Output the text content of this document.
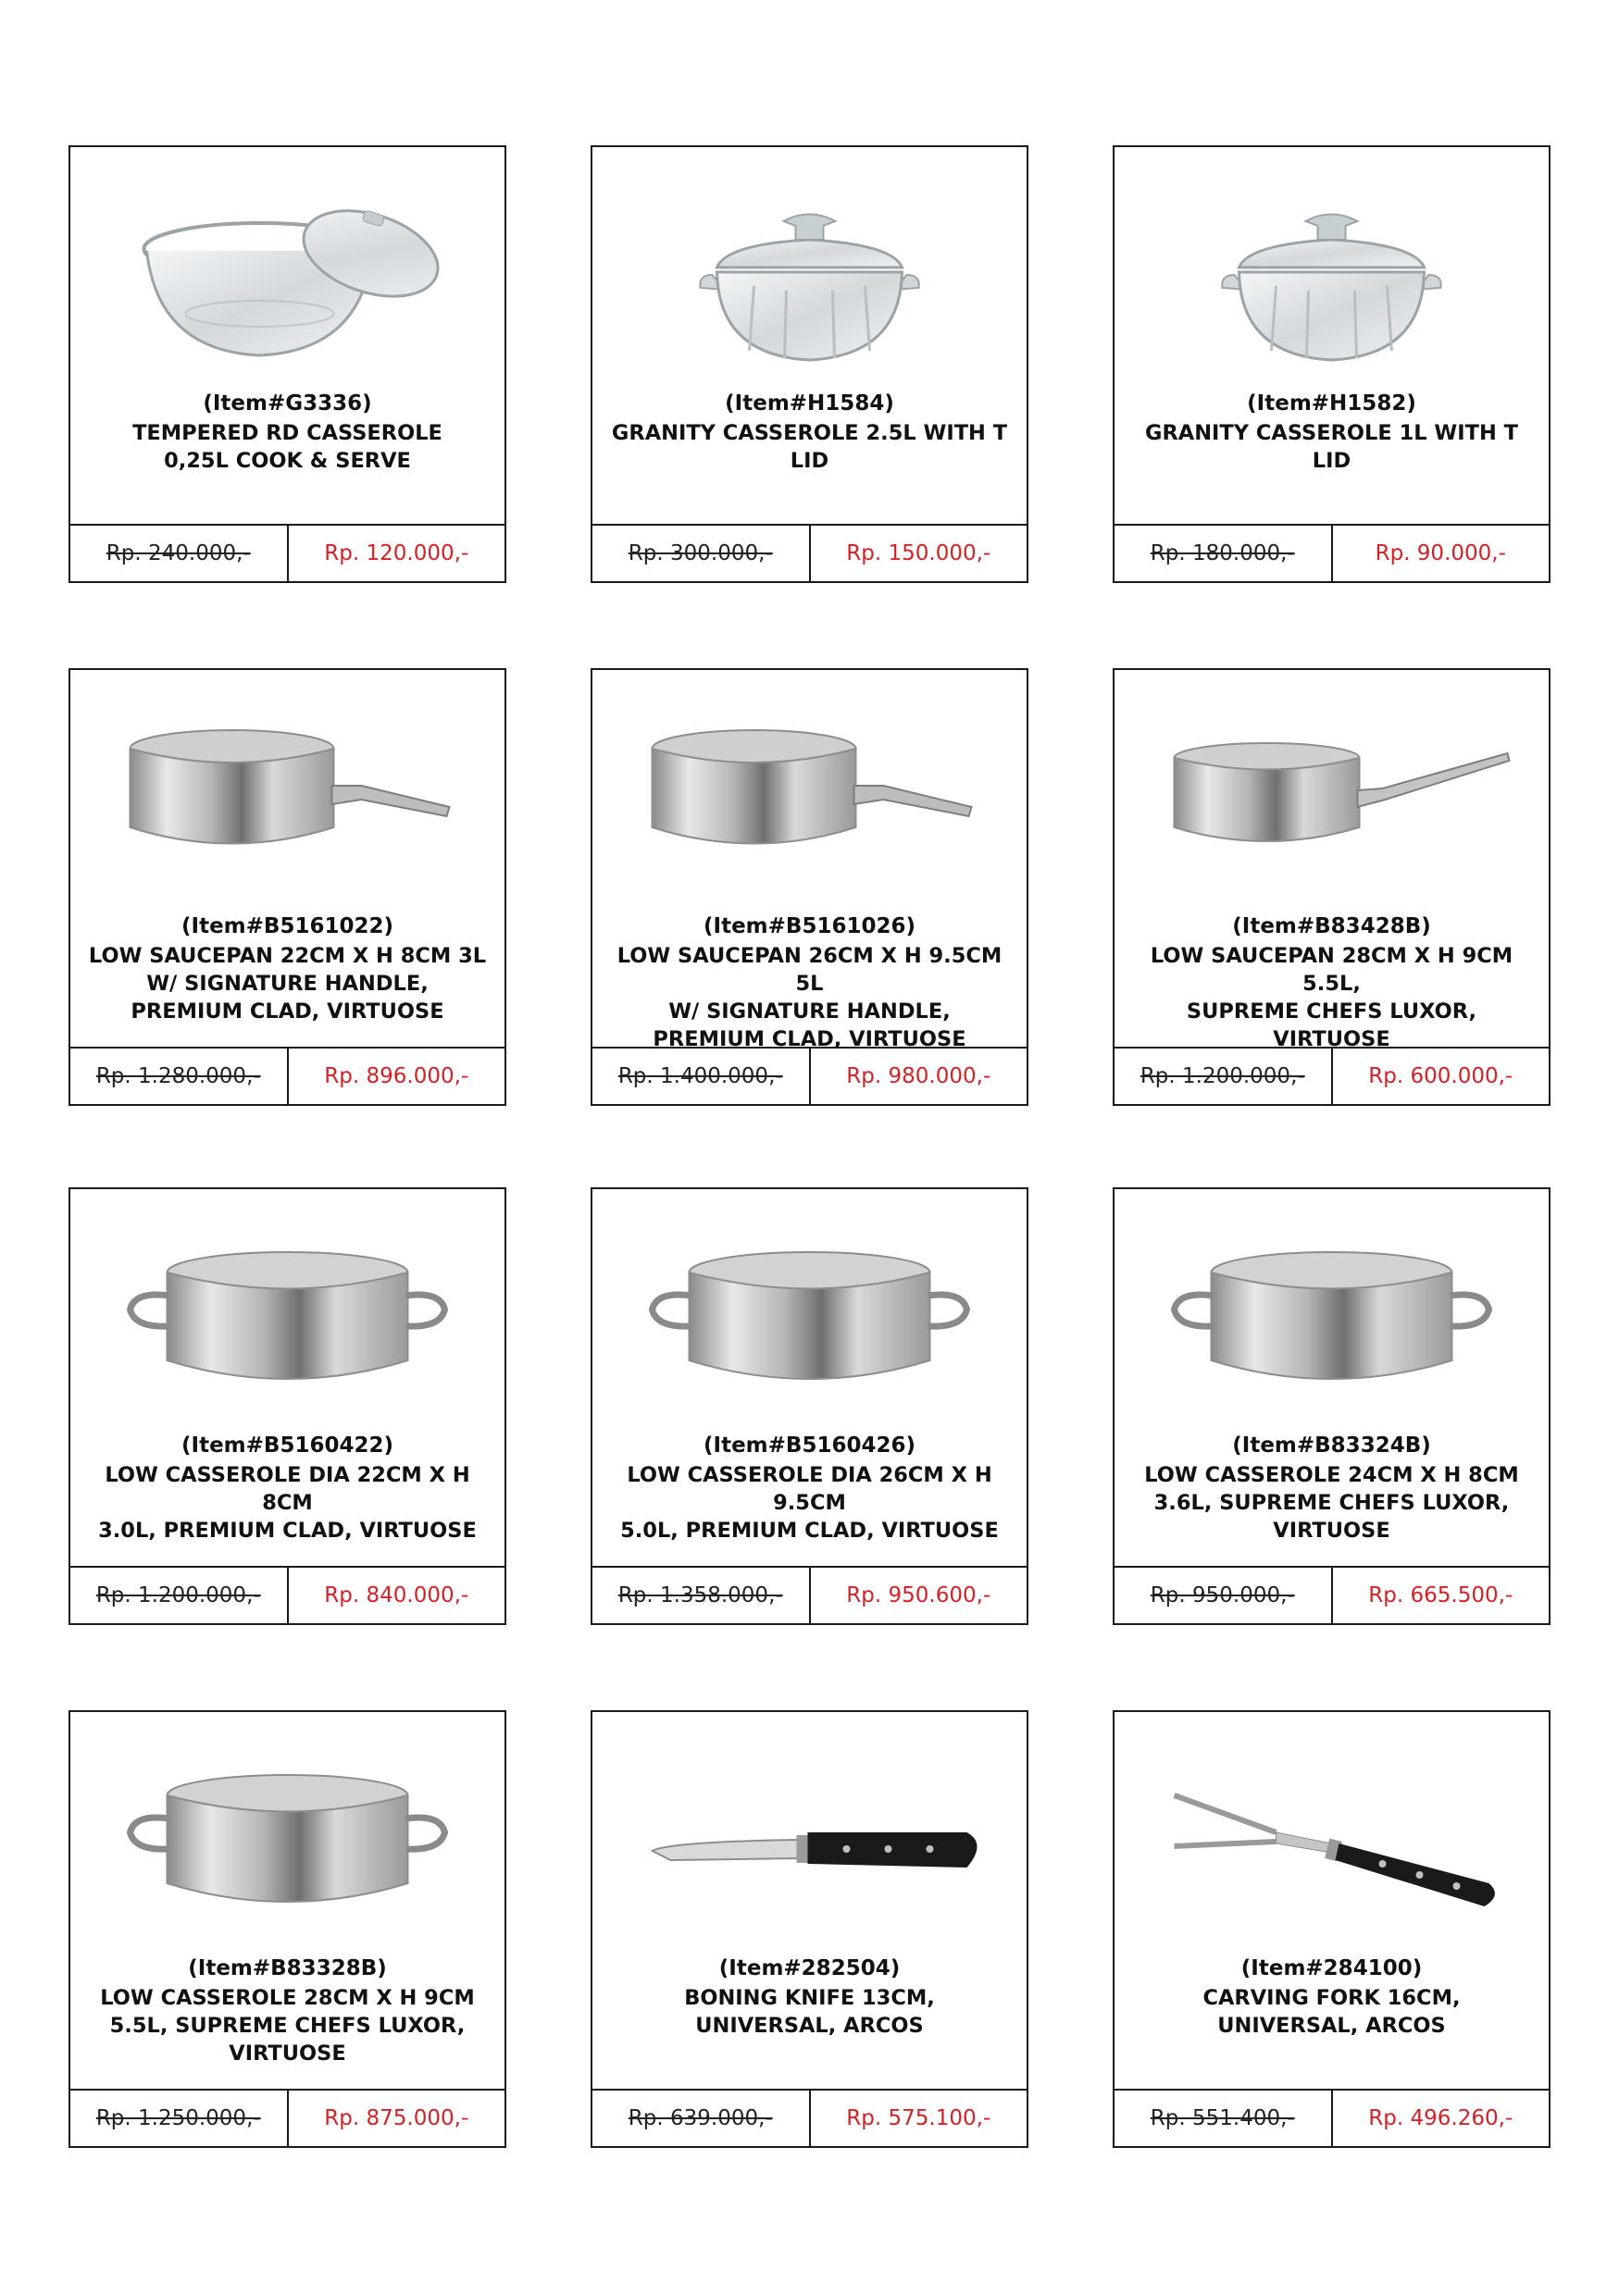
(Item#G3336)
TEMPERED RD CASSEROLE
0,25L COOK & SERVE
Rp. 240.000,-	Rp. 120.000,-
(Item#H1584)
GRANITY CASSEROLE 2.5L WITH T LID
Rp. 300.000,-	Rp. 150.000,-
(Item#H1582)
GRANITY CASSEROLE 1L WITH T LID
Rp. 180.000,-	Rp. 90.000,-
(Item#B5161022)
LOW SAUCEPAN 22CM X H 8CM 3L
W/ SIGNATURE HANDLE,
PREMIUM CLAD, VIRTUOSE
Rp. 1.280.000,-	Rp. 896.000,-
(Item#B5161026)
LOW SAUCEPAN 26CM X H 9.5CM 5L
W/ SIGNATURE HANDLE,
PREMIUM CLAD, VIRTUOSE
Rp. 1.400.000,-	Rp. 980.000,-
(Item#B83428B)
LOW SAUCEPAN 28CM X H 9CM 5.5L,
SUPREME CHEFS LUXOR, VIRTUOSE
Rp. 1.200.000,-	Rp. 600.000,-
(Item#B5160422)
LOW CASSEROLE DIA 22CM X H 8CM
3.0L, PREMIUM CLAD, VIRTUOSE
Rp. 1.200.000,-	Rp. 840.000,-
(Item#B5160426)
LOW CASSEROLE DIA 26CM X H 9.5CM
5.0L, PREMIUM CLAD, VIRTUOSE
Rp. 1.358.000,-	Rp. 950.600,-
(Item#B83324B)
LOW CASSEROLE 24CM X H 8CM
3.6L, SUPREME CHEFS LUXOR,
VIRTUOSE
Rp. 950.000,-	Rp. 665.500,-
(Item#B83328B)
LOW CASSEROLE 28CM X H 9CM
5.5L, SUPREME CHEFS LUXOR,
VIRTUOSE
Rp. 1.250.000,-	Rp. 875.000,-
(Item#282504)
BONING KNIFE 13CM,
UNIVERSAL, ARCOS
Rp. 639.000,-	Rp. 575.100,-
(Item#284100)
CARVING FORK 16CM,
UNIVERSAL, ARCOS
Rp. 551.400,-	Rp. 496.260,-
